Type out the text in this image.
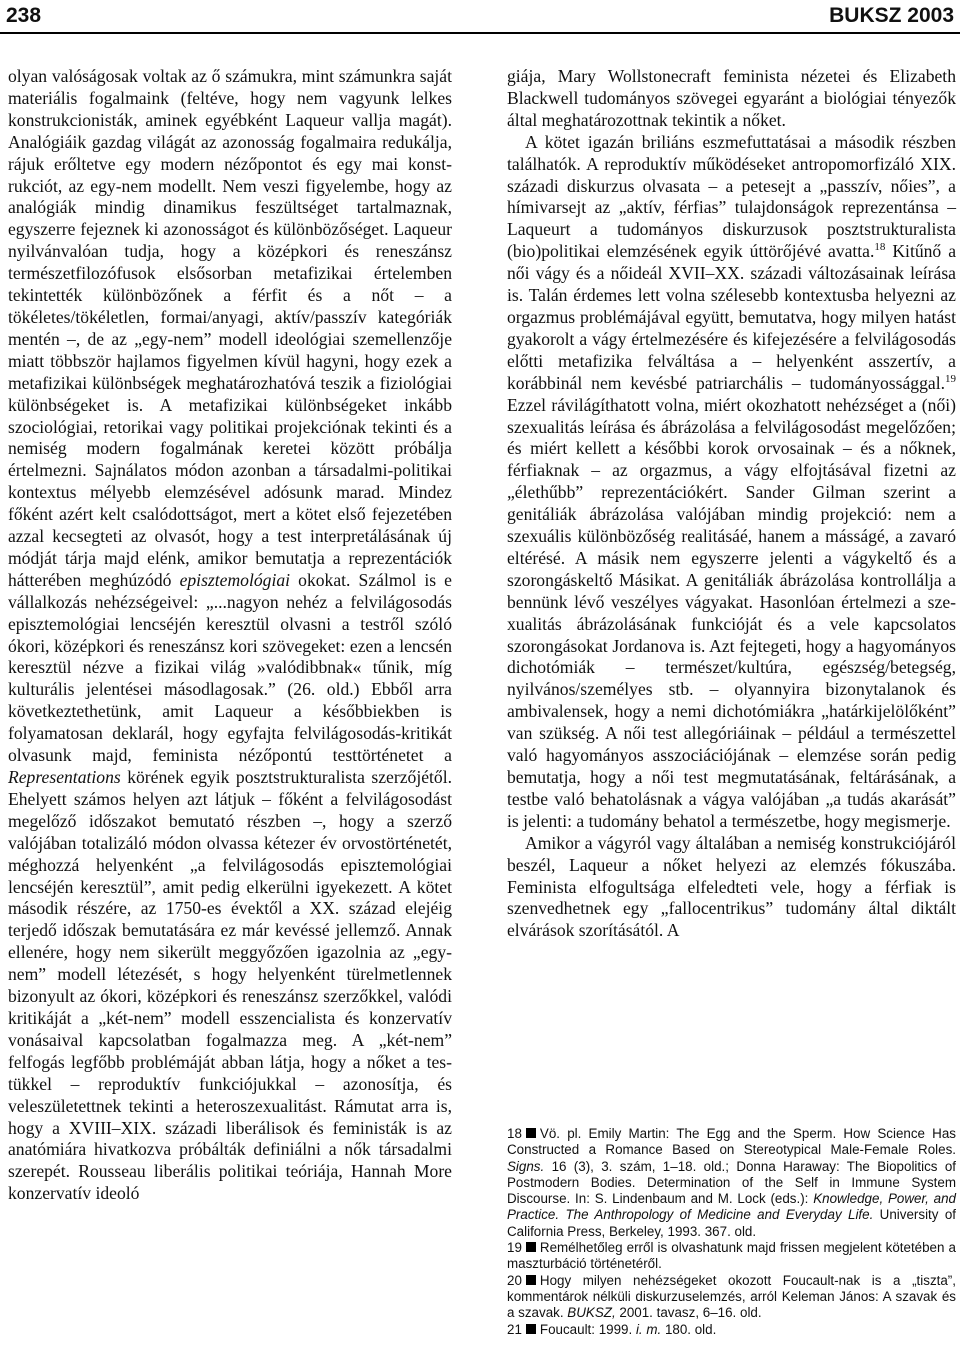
238	BUKSZ 2003

olyan valóságosak voltak az ő számukra, mint számunkra saját materiális fogalmaink (feltéve, hogy nem vagyunk lelkes konstrukcionisták, aminek egyébként Laqueur vallja magát). Analógiáik gazdag világát az azonosság fogalmaira redukálja, rájuk erőltetve egy modern nézőpontot és egy mai konstrukciót, az egy-nem modellt. Nem veszi figyelembe, hogy az analógiák mindig dinamikus feszültséget tartalmaznak, egyszerre fejeznek ki azonosságot és különbözőséget. Laqueur nyilvánvalóan tudja, hogy a középkori és reneszánsz természetfilozófusok elsősorban metafizikai értelemben tekintették különbözőnek a férfit és a nőt – a tökéletes/tökéletlen, formai/anyagi, aktív/passzív kategóriák mentén –, de az „egy-nem” modell ideológiai szemellenzője miatt többször hajlamos figyelmen kívül hagyni, hogy ezek a metafizikai különbségek meghatározhatóvá teszik a fiziológiai különbségeket is. A metafizikai különbségeket inkább szociológiai, retorikai vagy politikai projekciónak tekinti és a nemiség modern fogalmának keretei között próbálja értelmezni. Sajnálatos módon azonban a társadalmi-politikai kontextus mélyebb elemzésével adósunk marad. Mindez főként azért kelt csalódottságot, mert a kötet első fejezetében azzal kecsegteti az olvasót, hogy a test interpretálásának új módját tárja majd elénk, amikor bemutatja a reprezentációk hátterében meghúzódó episztemológiai okokat. Szálmol is e vállalkozás nehézségeivel: „...nagyon nehéz a felvilágosodás episztemológiai lencséjén keresztül olvasni a testről szóló ókori, középkori és reneszánsz kori szövegeket: ezen a lencsén keresztül nézve a fizikai világ »valódibbnak« tűnik, míg kulturális jelentései másodlagosak.” (26. old.) Ebből arra következtethetünk, amit Laqueur a későbbiekben is folyamatosan deklarál, hogy egyfajta felvilágosodás-kritikát olvasunk majd, feminista nézőpontú testtörténetet a Representations körének egyik posztstrukturalista szerzőjétől. Ehelyett számos helyen azt látjuk – főként a felvilágosodást megelőző időszakot bemutató részben –, hogy a szerző valójában totalizáló módon olvassa kétezer év orvostörténetét, méghozzá helyenként „a felvilágosodás episztemológiai lencséjén keresztül”, amit pedig elkerülni igyekezett. A kötet második részére, az 1750-es évektől a XX. század elejéig terjedő időszak bemutatására ez már kevéssé jellemző. Annak ellenére, hogy nem sikerült meggyőzően igazolnia az „egy-nem” modell létezését, s hogy helyenként türelmetlennek bizonyult az ókori, középkori és reneszánsz szerzőkkel, valódi kritikáját a „két-nem” modell esszencialista és konzervatív vonásaival kapcsolatban fogalmazza meg. A „két-nem” felfogás legfőbb problémáját abban látja, hogy a nőket a testükkel – reproduktív funkciójukkal – azonosítja, és veleszületettnek tekinti a heteroszexualitást. Rámutat arra is, hogy a XVIII–XIX. századi liberálisok és feministák is az anatómiára hivatkozva próbálták definiálni a nők társadalmi szerepét. Rousseau liberális politikai teóriája, Hannah More konzervatív ideoló

giája, Mary Wollstonecraft feminista nézetei és Elizabeth Blackwell tudományos szövegei egyaránt a biológiai tényezők által meghatározottnak tekintik a nőket.

A kötet igazán briliáns eszmefuttatásai a második részben találhatók. A reproduktív működéseket antropomorfizáló XIX. századi diskurzus olvasata – a petesejt a „passzív, nőies”, a hímivarsejt az „aktív, férfias” tulajdonságok reprezentánsa – Laqueurt a tudományos diskurzusok posztstrukturalista (bio)politikai elemzésének egyik úttörőjévé avatta.$^{18}$ Kitűnő a női vágy és a nőideál XVII–XX. századi változásainak leírása is. Talán érdemes lett volna szélesebb kontextusba helyezni az orgazmus problémájával együtt, bemutatva, hogy milyen hatást gyakorolt a vágy értelmezésére és kifejezésére a felvilágosodás előtti metafizika felváltása a – helyenként asszertív, a korábbinál nem kevésbé patriarchális – tudományossággal.$^{19}$ Ezzel rávilágíthatott volna, miért okozhatott nehézséget a (női) szexualitás leírása és ábrázolása a felvilágosodást megelőzően; és miért kellett a későbbi korok orvosainak – és a nőknek, férfiaknak – az orgazmus, a vágy elfojtásával fizetni az „élethűbb” reprezentációkért. Sander Gilman szerint a genitáliák ábrázolása valójában mindig projekció: nem a szexuális különbözőség realitásáé, hanem a másságé, a zavaró eltérésé. A másik nem egyszerre jelenti a vágykeltő és a szorongáskeltő Másikat. A genitáliák ábrázolása kontrollálja a bennünk lévő veszélyes vágyakat. Hasonlóan értelmezi a szexualitás ábrázolásának funkcióját és a vele kapcsolatos szorongásokat Jordanova is. Azt fejtegeti, hogy a hagyományos dichotómiák – természet/kultúra, egészség/betegség, nyilvános/személyes stb. – olyannyira bizonytalanok és ambivalensek, hogy a nemi dichotómiákra „határkijelölőként” van szükség. A női test allegóriáinak – például a természettel való hagyományos asszociációjának – elemzése során pedig bemutatja, hogy a női test megmutatásának, feltárásának, a testbe való behatolásnak a vágya valójában „a tudás akarását” is jelenti: a tudomány behatol a természetbe, hogy megismerje.

Amikor a vágyról vagy általában a nemiség konstrukciójáról beszél, Laqueur a nőket helyezi az elemzés fókuszába. Feminista elfogultsága elfeledteti vele, hogy a férfiak is szenvedhetnek egy „fallocentrikus” tudomány által diktált elvárások szorításától. A

18 Vö. pl. Emily Martin: The Egg and the Sperm. How Science Has Constructed a Romance Based on Stereotypical Male-Female Roles. Signs. 16 (3), 3. szám, 1–18. old.; Donna Haraway: The Biopolitics of Postmodern Bodies. Determination of the Self in Immune System Discourse. In: S. Lindenbaum and M. Lock (eds.): Knowledge, Power, and Practice. The Anthropology of Medicine and Everyday Life. University of California Press, Berkeley, 1993. 367. old.

19 Remélhetőleg erről is olvashatunk majd frissen megjelent kötetében a maszturbáció történetéről.

20 Hogy milyen nehézségeket okozott Foucault-nak is a „tiszta”, kommentárok nélküli diskurzuselemzés, arról Keleman János: A szavak és a szavak. BUKSZ, 2001. tavasz, 6–16. old.

21 Foucault: 1999. i. m. 180. old.
